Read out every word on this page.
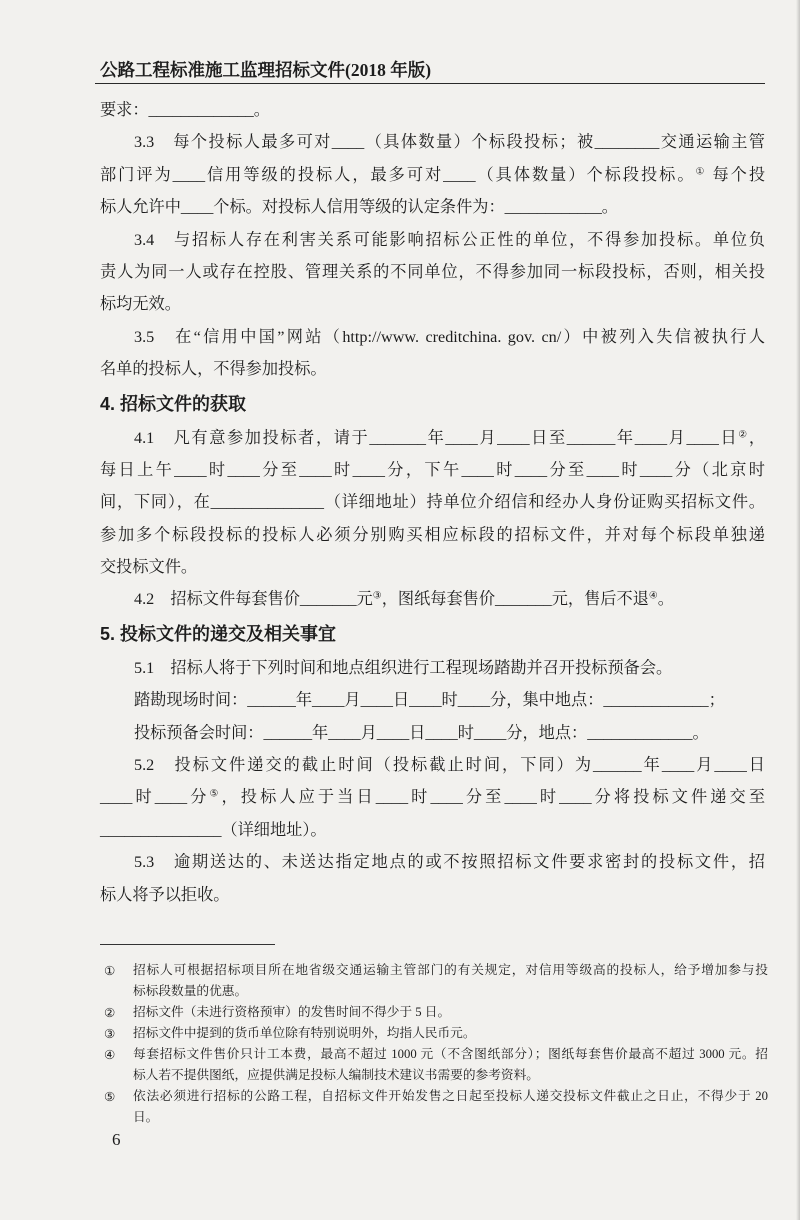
公路工程标准施工监理招标文件(2018 年版)
要求：_____________。
3.3　每个投标人最多可对____（具体数量）个标段投标；被________交通运输主管
部门评为____信用等级的投标人，最多可对____（具体数量）个标段投标。① 每个投
标人允许中____个标。对投标人信用等级的认定条件为：____________。
3.4　与招标人存在利害关系可能影响招标公正性的单位，不得参加投标。单位负
责人为同一人或存在控股、管理关系的不同单位，不得参加同一标段投标，否则，相关投
标均无效。
3.5　在“信用中国”网站（http://www. creditchina. gov. cn/）中被列入失信被执行人
名单的投标人，不得参加投标。
4. 招标文件的获取
4.1　凡有意参加投标者，请于_______年____月____日至______年____月____日②，
每日上午____时____分至____时____分，下午____时____分至____时____分（北京时
间，下同），在______________（详细地址）持单位介绍信和经办人身份证购买招标文件。
参加多个标段投标的投标人必须分别购买相应标段的招标文件，并对每个标段单独递
交投标文件。
4.2　招标文件每套售价_______元③，图纸每套售价_______元，售后不退④。
5. 投标文件的递交及相关事宜
5.1　招标人将于下列时间和地点组织进行工程现场踏勘并召开投标预备会。
踏勘现场时间：______年____月____日____时____分，集中地点：_____________；
投标预备会时间：______年____月____日____时____分，地点：_____________。
5.2　投标文件递交的截止时间（投标截止时间，下同）为______年____月____日
____时____分⑤，投标人应于当日____时____分至____时____分将投标文件递交至
_______________（详细地址）。
5.3　逾期送达的、未送达指定地点的或不按照招标文件要求密封的投标文件，招
标人将予以拒收。
①	招标人可根据招标项目所在地省级交通运输主管部门的有关规定，对信用等级高的投标人，给予增加参与投
标标段数量的优惠。
②	招标文件（未进行资格预审）的发售时间不得少于 5 日。
③	招标文件中提到的货币单位除有特别说明外，均指人民币元。
④	每套招标文件售价只计工本费，最高不超过 1000 元（不含图纸部分）；图纸每套售价最高不超过 3000 元。招
标人若不提供图纸，应提供满足投标人编制技术建议书需要的参考资料。
⑤	依法必须进行招标的公路工程，自招标文件开始发售之日起至投标人递交投标文件截止之日止，不得少于 20
日。
6
